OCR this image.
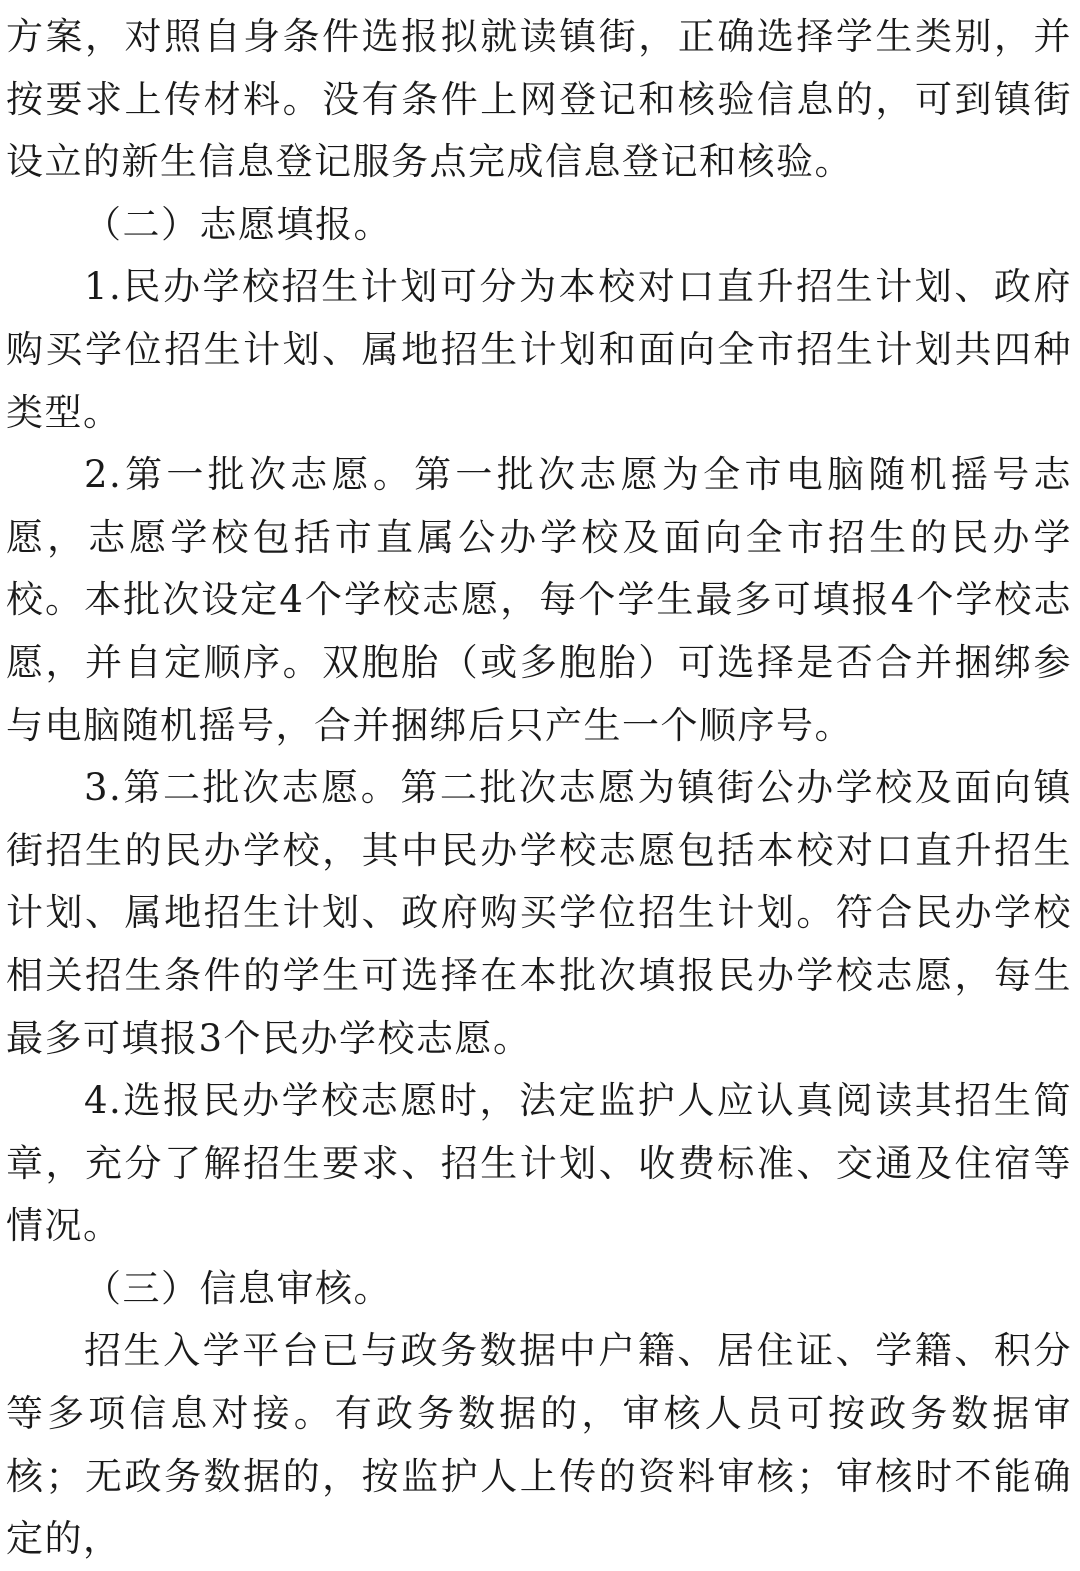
方案，对照自身条件选报拟就读镇街，正确选择学生类别，并按要求上传材料。没有条件上网登记和核验信息的，可到镇街设立的新生信息登记服务点完成信息登记和核验。

（二）志愿填报。

1.民办学校招生计划可分为本校对口直升招生计划、政府购买学位招生计划、属地招生计划和面向全市招生计划共四种类型。

2.第一批次志愿。第一批次志愿为全市电脑随机摇号志愿，志愿学校包括市直属公办学校及面向全市招生的民办学校。本批次设定4个学校志愿，每个学生最多可填报4个学校志愿，并自定顺序。双胞胎（或多胞胎）可选择是否合并捆绑参与电脑随机摇号，合并捆绑后只产生一个顺序号。

3.第二批次志愿。第二批次志愿为镇街公办学校及面向镇街招生的民办学校，其中民办学校志愿包括本校对口直升招生计划、属地招生计划、政府购买学位招生计划。符合民办学校相关招生条件的学生可选择在本批次填报民办学校志愿，每生最多可填报3个民办学校志愿。

4.选报民办学校志愿时，法定监护人应认真阅读其招生简章，充分了解招生要求、招生计划、收费标准、交通及住宿等情况。

（三）信息审核。

招生入学平台已与政务数据中户籍、居住证、学籍、积分等多项信息对接。有政务数据的，审核人员可按政务数据审核；无政务数据的，按监护人上传的资料审核；审核时不能确定的，
